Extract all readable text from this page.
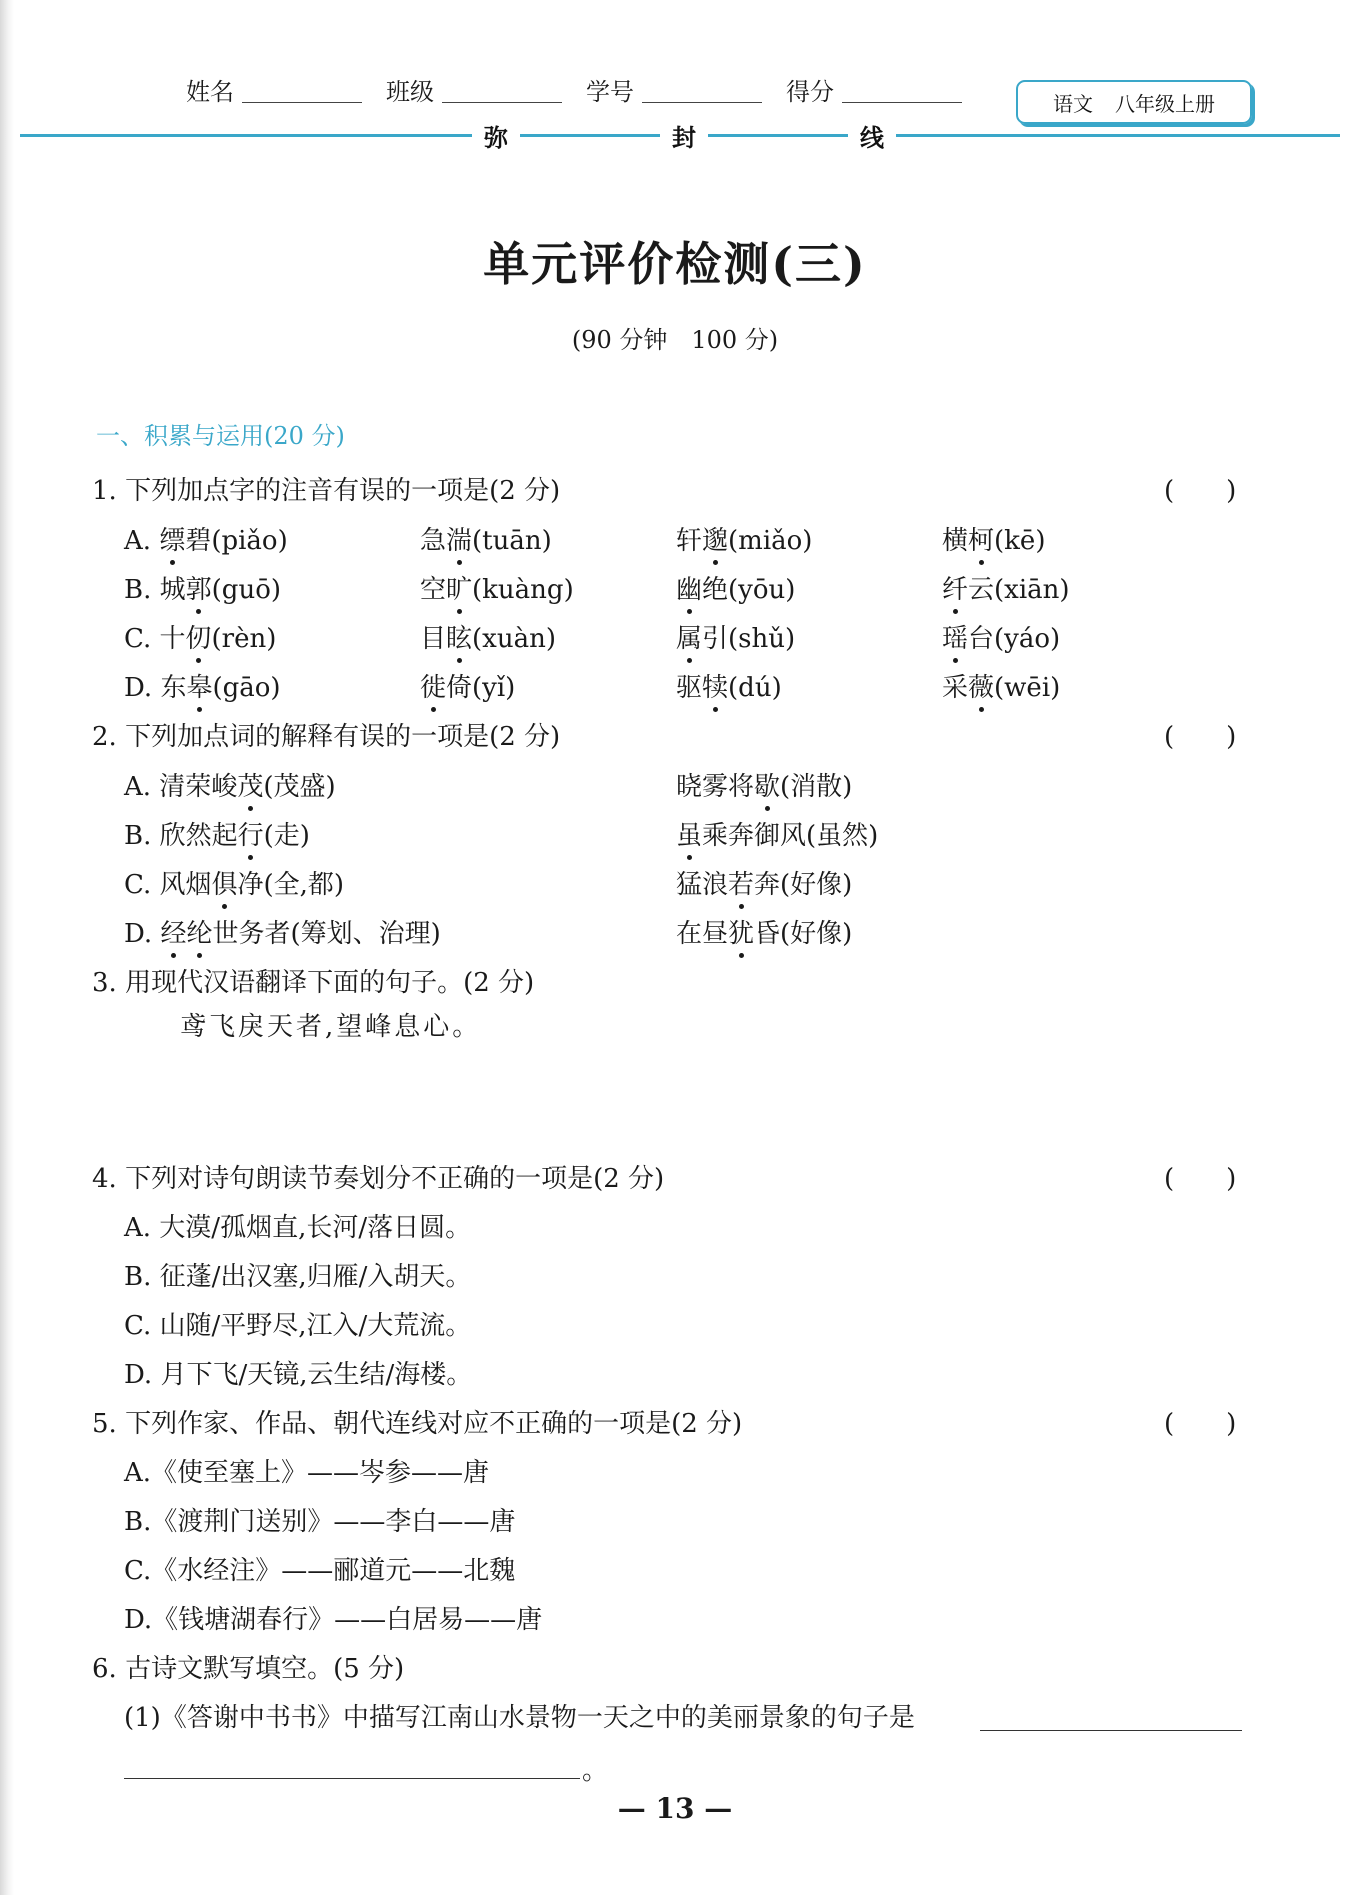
姓名	班级	学号	得分	语文 八年级上册
弥	封	线
单元评价检测(三)
(90 分钟　100 分)
一、积累与运用(20 分)
1. 下列加点字的注音有误的一项是(2 分)	(　　)
A. 缥碧(piǎo)	急湍(tuān)	轩邈(miǎo)	横柯(kē)
B. 城郭(guō)	空旷(kuàng)	幽绝(yōu)	纤云(xiān)
C. 十仞(rèn)	目眩(xuàn)	属引(shǔ)	瑶台(yáo)
D. 东皋(gāo)	徙倚(yǐ)	驱犊(dú)	采薇(wēi)
2. 下列加点词的解释有误的一项是(2 分)	(　　)
A. 清荣峻茂(茂盛)	晓雾将歇(消散)
B. 欣然起行(走)	虽乘奔御风(虽然)
C. 风烟俱净(全,都)	猛浪若奔(好像)
D. 经纶世务者(筹划、治理)	在昼犹昏(好像)
3. 用现代汉语翻译下面的句子。(2 分)
鸢飞戾天者,望峰息心。
4. 下列对诗句朗读节奏划分不正确的一项是(2 分)	(　　)
A. 大漠/孤烟直,长河/落日圆。
B. 征蓬/出汉塞,归雁/入胡天。
C. 山随/平野尽,江入/大荒流。
D. 月下飞/天镜,云生结/海楼。
5. 下列作家、作品、朝代连线对应不正确的一项是(2 分)	(　　)
A.《使至塞上》——岑参——唐
B.《渡荆门送别》——李白——唐
C.《水经注》——郦道元——北魏
D.《钱塘湖春行》——白居易——唐
6. 古诗文默写填空。(5 分)
(1)《答谢中书书》中描写江南山水景物一天之中的美丽景象的句子是
。
— 13 —
